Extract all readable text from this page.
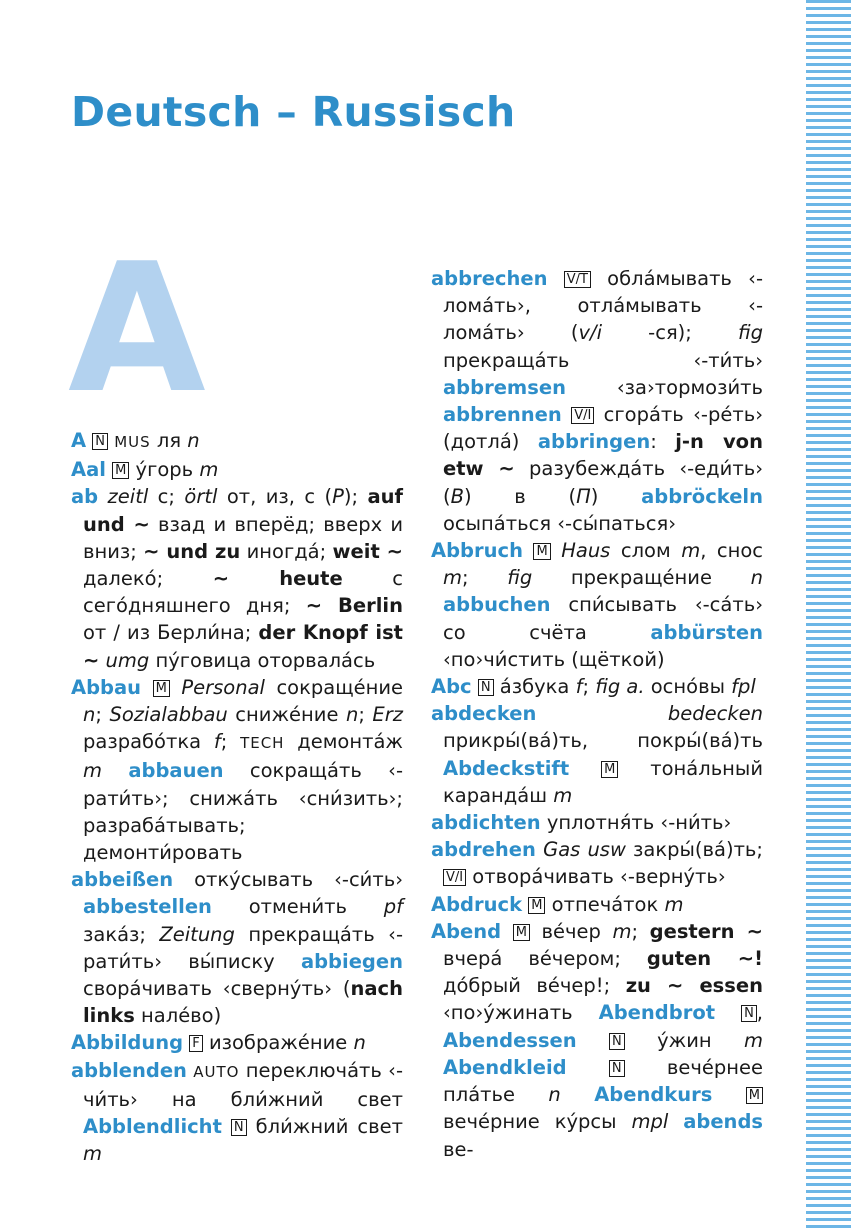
Deutsch – Russisch
A

A N MUS ля n

Aal M у́горь m

ab zeitl с; örtl от, из, с (P); auf und ~ взад и вперёд; вверх и вниз; ~ und zu иногда́; weit ~ далеко́; ~ heute с сего́дняшнего дня; ~ Berlin от / из Берли́на; der Knopf ist ~ umg пу́говица оторвала́сь

Abbau M Personal сокраще́ние n; Sozialabbau сниже́ние n; Erz разрабо́тка f; TECH демонта́ж m abbauen сокраща́ть ‹-рати́ть›; снижа́ть ‹сни́зить›; разраба́тывать; демонти́ровать

abbeißen отку́сывать ‹-си́ть› abbestellen отмени́ть pf зака́з; Zeitung прекраща́ть ‹-рати́ть› вы́писку abbiegen свора́чивать ‹сверну́ть› (nach links нале́во)

Abbildung F изображе́ние n

abblenden AUTO переключа́ть ‹-чи́ть› на бли́жний свет Abblendlicht N бли́жний свет m

abbrechen V/T обла́мывать ‹-лома́ть›, отла́мывать ‹-лома́ть› (v/i -ся); fig прекраща́ть ‹-ти́ть› abbremsen ‹за›тормози́ть abbrennen V/I сгора́ть ‹-ре́ть› (дотла́) abbringen: j-n von etw ~ разубежда́ть ‹-еди́ть› (B) в (П) abbröckeln осыпа́ться ‹-сы́паться›

Abbruch M Haus слом m, снос m; fig прекраще́ние n abbuchen спи́сывать ‹-са́ть› со счёта abbürsten ‹по›чи́стить (щёткой)

Abc N а́збука f; fig a. осно́вы fpl

abdecken	bedecken прикры́(ва́)ть, покры́(ва́)ть Abdeckstift	M тона́льный каранда́ш m

abdichten уплотня́ть ‹-ни́ть›

abdrehen Gas usw закры́(ва́)ть; V/I отвора́чивать ‹-верну́ть›

Abdruck M отпеча́ток m

Abend M ве́чер m; gestern ~ вчера́ ве́чером; guten ~! до́брый ве́чер!; zu ~ essen ‹по›у́жинать Abendbrot N , Abendessen	N у́жин m Abendkleid	N вече́рнее пла́тье n Abendkurs	M вече́рние ку́рсы mpl abends ве-
